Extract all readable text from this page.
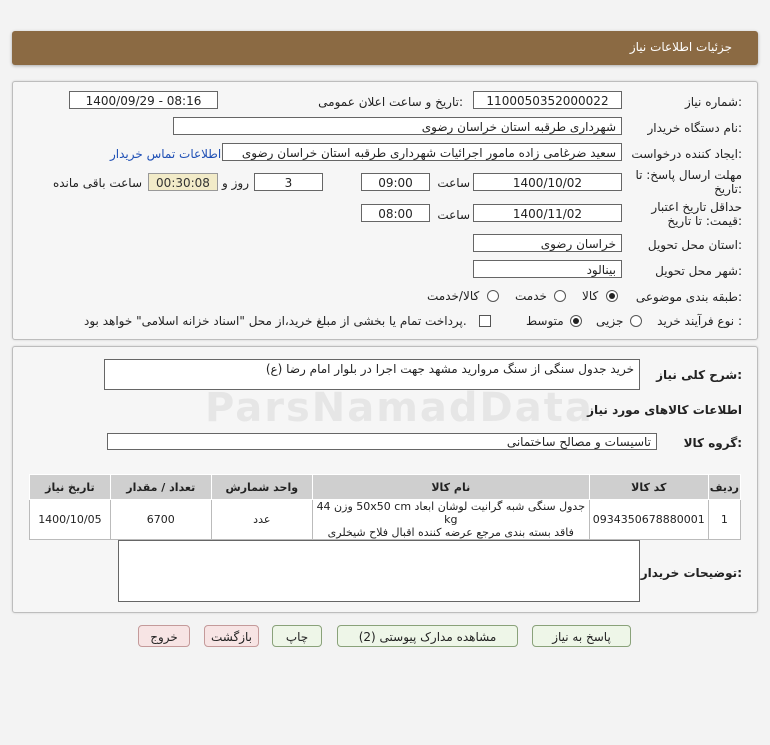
جزئیات اطلاعات نیاز
شماره نیاز:
1100050352000022
تاریخ و ساعت اعلان عمومی:
1400/09/29 - 08:16
نام دستگاه خریدار:
شهرداری طرقبه استان خراسان رضوی
ایجاد کننده درخواست:
سعید ضرغامی زاده مامور اجرائیات شهرداری طرقبه استان خراسان رضوی
اطلاعات تماس خریدار
مهلت ارسال پاسخ: تا
تاریخ:
1400/10/02
ساعت
09:00
3
روز و
00:30:08
ساعت باقی مانده
حداقل تاریخ اعتبار
قیمت: تا تاریخ:
1400/11/02
ساعت
08:00
استان محل تحویل:
خراسان رضوی
شهر محل تحویل:
بینالود
طبقه بندی موضوعی:
کالا
خدمت
کالا/خدمت
نوع فرآیند خرید :
جزیی
متوسط
پرداخت تمام یا بخشی از مبلغ خرید،از محل "اسناد خزانه اسلامی" خواهد بود.
شرح کلی نیاز:
خرید جدول سنگی از سنگ مروارید مشهد جهت اجرا در بلوار امام رضا (ع)
اطلاعات کالاهای مورد نیاز
گروه کالا:
تاسیسات و مصالح ساختمانی
ردیف	کد کالا	نام کالا	واحد شمارش	تعداد / مقدار	تاریخ نیاز
1	0934350678880001	جدول سنگی شبه گرانیت لوشان ابعاد 50x50 cm وزن 44 kg
فاقد بسته بندی مرجع عرضه کننده اقبال فلاح شیخلری	عدد	6700	1400/10/05
توضیحات خریدار:
پاسخ به نیاز
مشاهده مدارک پیوستی (2)
چاپ
بازگشت
خروج
